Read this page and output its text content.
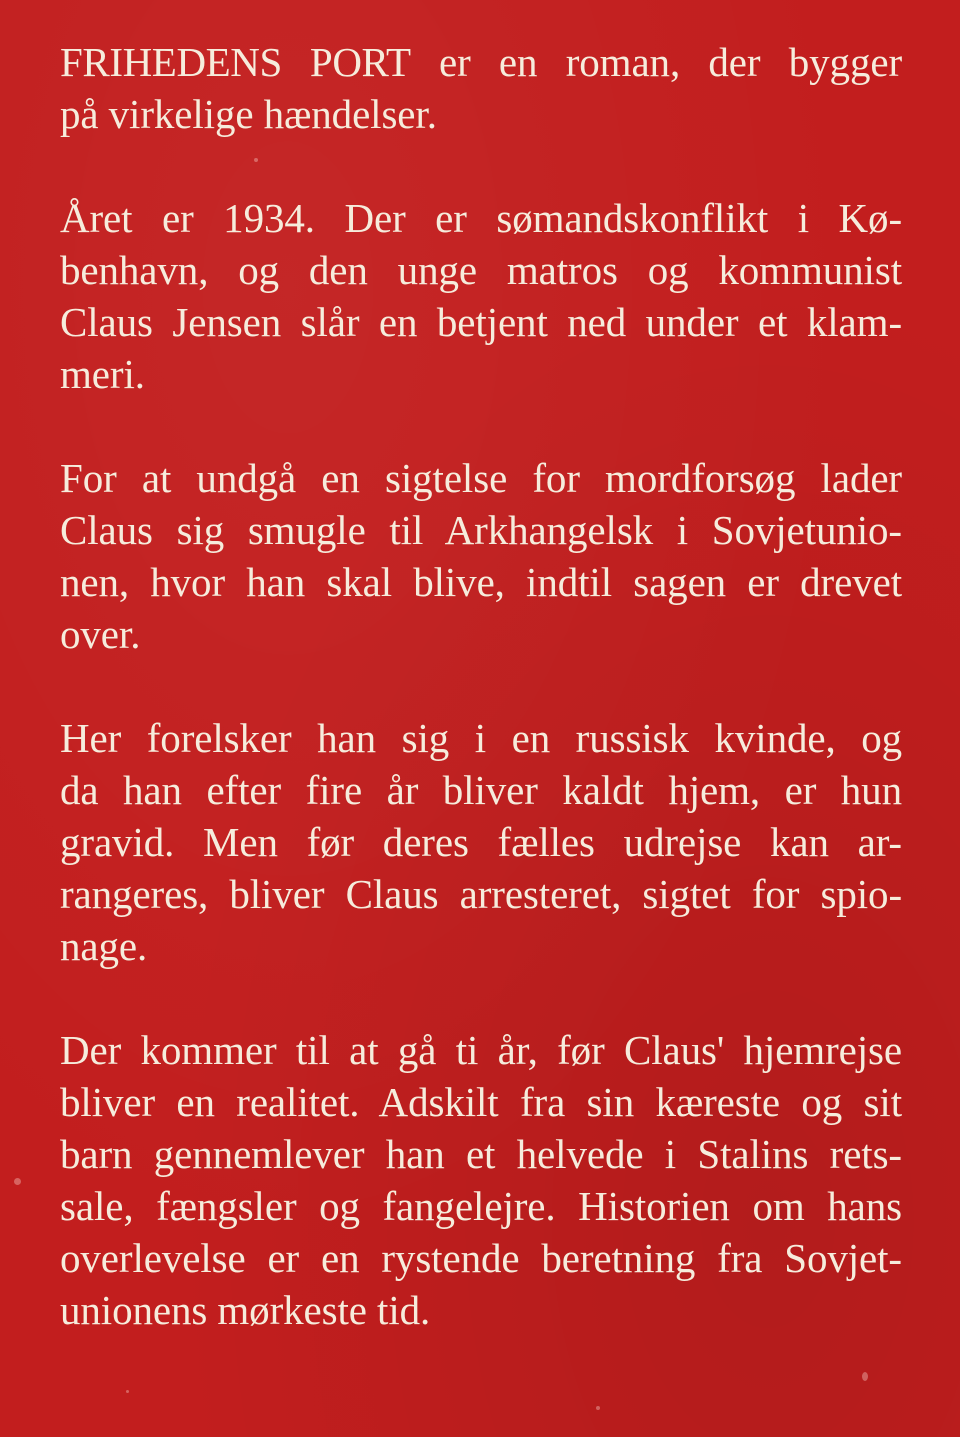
FRIHEDENS PORT er en roman, der bygger
på virkelige hændelser.

Året er 1934. Der er sømandskonflikt i Kø-
benhavn, og den unge matros og kommunist
Claus Jensen slår en betjent ned under et klam-
meri.

For at undgå en sigtelse for mordforsøg lader
Claus sig smugle til Arkhangelsk i Sovjetunio-
nen, hvor han skal blive, indtil sagen er drevet
over.

Her forelsker han sig i en russisk kvinde, og
da han efter fire år bliver kaldt hjem, er hun
gravid. Men før deres fælles udrejse kan ar-
rangeres, bliver Claus arresteret, sigtet for spio-
nage.

Der kommer til at gå ti år, før Claus' hjemrejse
bliver en realitet. Adskilt fra sin kæreste og sit
barn gennemlever han et helvede i Stalins rets-
sale, fængsler og fangelejre. Historien om hans
overlevelse er en rystende beretning fra Sovjet-
unionens mørkeste tid.
